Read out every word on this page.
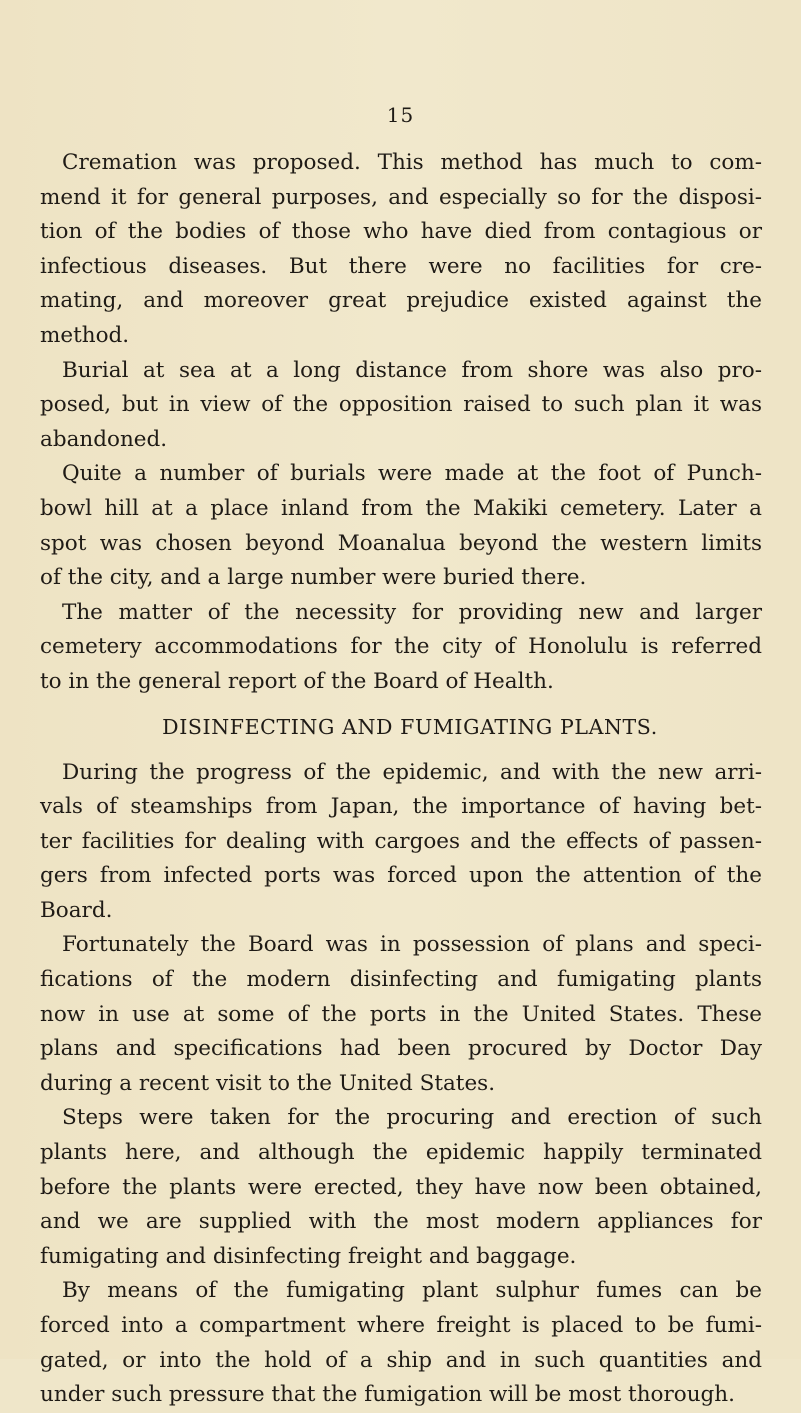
15
Cremation was proposed. This method has much to com-
mend it for general purposes, and especially so for the disposi-
tion of the bodies of those who have died from contagious or
infectious diseases. But there were no facilities for cre-
mating, and moreover great prejudice existed against the
method.
Burial at sea at a long distance from shore was also pro-
posed, but in view of the opposition raised to such plan it was
abandoned.
Quite a number of burials were made at the foot of Punch-
bowl hill at a place inland from the Makiki cemetery. Later a
spot was chosen beyond Moanalua beyond the western limits
of the city, and a large number were buried there.
The matter of the necessity for providing new and larger
cemetery accommodations for the city of Honolulu is referred
to in the general report of the Board of Health.
DISINFECTING AND FUMIGATING PLANTS.
During the progress of the epidemic, and with the new arri-
vals of steamships from Japan, the importance of having bet-
ter facilities for dealing with cargoes and the effects of passen-
gers from infected ports was forced upon the attention of the
Board.
Fortunately the Board was in possession of plans and speci-
fications of the modern disinfecting and fumigating plants
now in use at some of the ports in the United States. These
plans and specifications had been procured by Doctor Day
during a recent visit to the United States.
Steps were taken for the procuring and erection of such
plants here, and although the epidemic happily terminated
before the plants were erected, they have now been obtained,
and we are supplied with the most modern appliances for
fumigating and disinfecting freight and baggage.
By means of the fumigating plant sulphur fumes can be
forced into a compartment where freight is placed to be fumi-
gated, or into the hold of a ship and in such quantities and
under such pressure that the fumigation will be most thorough.
